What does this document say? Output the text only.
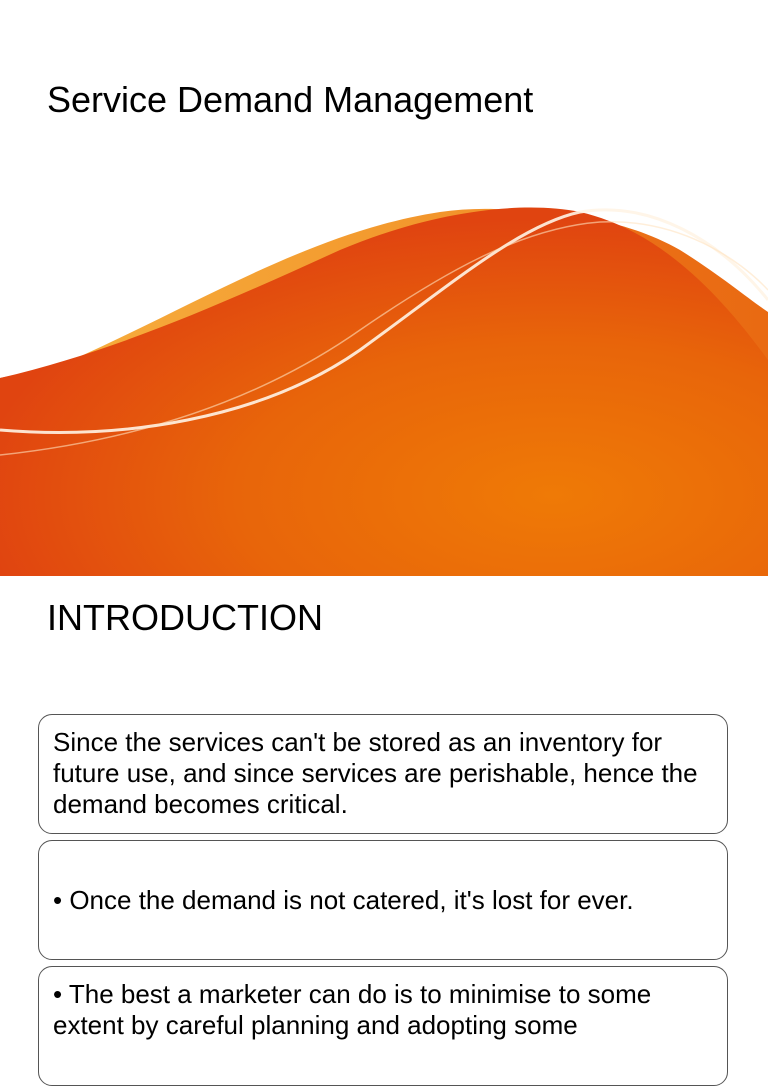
Service Demand Management
INTRODUCTION
Since the services can't be stored as an inventory for future use, and since services are perishable, hence the demand becomes critical.
• Once the demand is not catered, it's lost for ever.
• The best a marketer can do is to minimise to some extent by careful planning and adopting some
